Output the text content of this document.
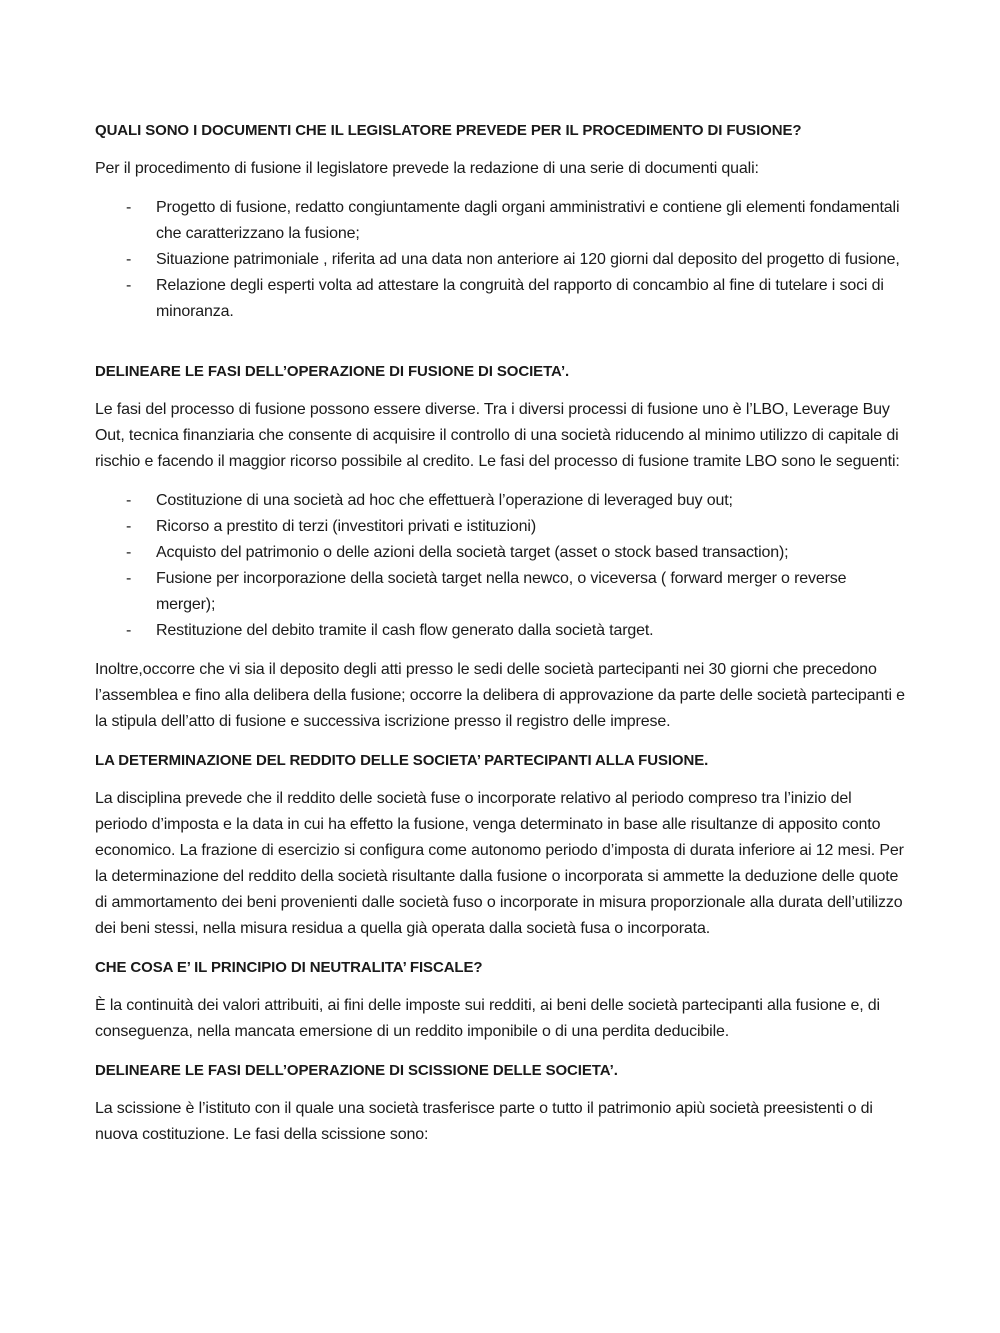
QUALI SONO I DOCUMENTI CHE IL LEGISLATORE PREVEDE PER IL PROCEDIMENTO DI FUSIONE?

Per il procedimento di fusione il legislatore prevede la redazione di una serie di documenti quali:

- Progetto di fusione, redatto congiuntamente dagli organi amministrativi e contiene gli elementi fondamentali che caratterizzano la fusione;
- Situazione patrimoniale , riferita ad una data non anteriore ai 120 giorni dal deposito del progetto di fusione,
- Relazione degli esperti volta ad attestare la congruità del rapporto di concambio al fine di tutelare i soci di minoranza.
DELINEARE LE FASI DELL’OPERAZIONE DI FUSIONE DI SOCIETA’.

Le fasi del processo di fusione possono essere diverse. Tra i diversi processi di fusione uno è l’LBO, Leverage Buy Out, tecnica finanziaria che consente di acquisire il controllo di una società riducendo al minimo utilizzo di capitale di rischio e facendo il maggior ricorso possibile al credito. Le fasi del processo di fusione tramite LBO sono le seguenti:

- Costituzione di una società ad hoc che effettuerà l’operazione di leveraged buy out;
- Ricorso a prestito di terzi (investitori privati e istituzioni)
- Acquisto del patrimonio o delle azioni della società target (asset o stock based transaction);
- Fusione per incorporazione della società target nella newco, o viceversa ( forward merger o reverse merger);
- Restituzione del debito tramite il cash flow generato dalla società target.

Inoltre,occorre che vi sia il deposito degli atti presso le sedi delle società partecipanti nei 30 giorni che precedono l’assemblea e fino alla delibera della fusione; occorre la delibera di approvazione da parte delle società partecipanti e la stipula dell’atto di fusione e successiva iscrizione presso il registro delle imprese.

LA DETERMINAZIONE DEL REDDITO DELLE SOCIETA’ PARTECIPANTI ALLA FUSIONE.

La disciplina prevede che il reddito delle società fuse o incorporate relativo al periodo compreso tra l’inizio del periodo d’imposta e la data in cui ha effetto la fusione, venga determinato in base alle risultanze di apposito conto economico. La frazione di esercizio si configura come autonomo periodo d’imposta di durata inferiore ai 12 mesi. Per la determinazione del reddito della società risultante dalla fusione o incorporata si ammette la deduzione delle quote di ammortamento dei beni provenienti dalle società fuso o incorporate in misura proporzionale alla durata dell’utilizzo dei beni stessi, nella misura residua a quella già operata dalla società fusa o incorporata.

CHE COSA E’ IL PRINCIPIO DI NEUTRALITA’ FISCALE?

È la continuità dei valori attribuiti, ai fini delle imposte sui redditi, ai beni delle società partecipanti alla fusione e, di conseguenza, nella mancata emersione di un reddito imponibile o di una perdita deducibile.

DELINEARE LE FASI DELL’OPERAZIONE DI SCISSIONE DELLE SOCIETA’.

La scissione è l’istituto con il quale una società trasferisce parte o tutto il patrimonio apiù società preesistenti o di nuova costituzione. Le fasi della scissione sono:
